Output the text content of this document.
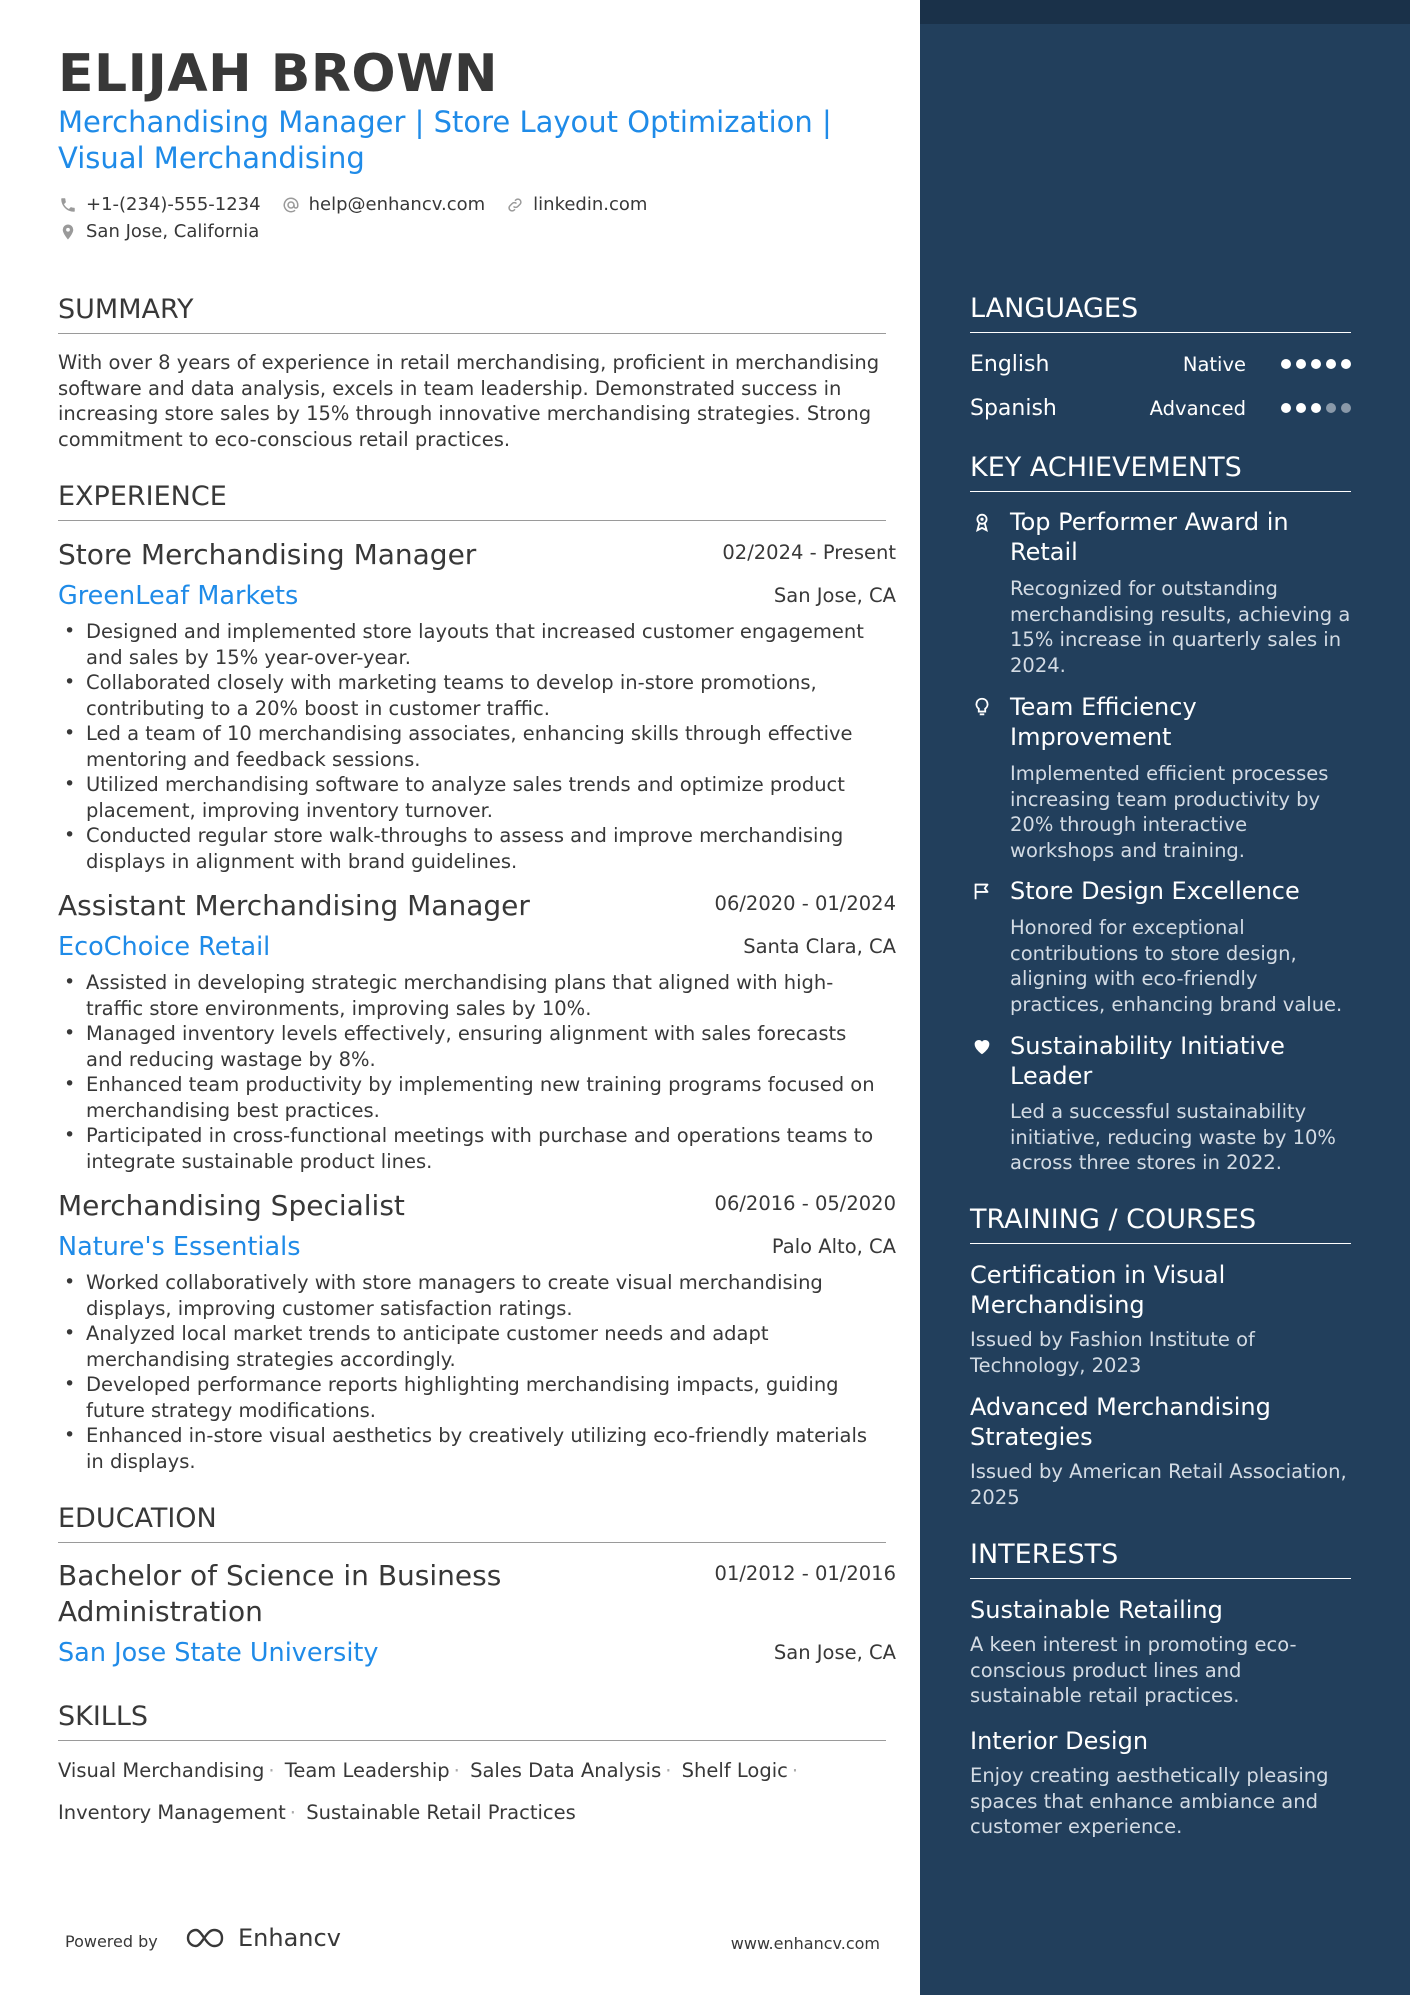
ELIJAH BROWN
Merchandising Manager | Store Layout Optimization |
Visual Merchandising
+1-(234)-555-1234	help@enhancv.com	linkedin.com
San Jose, California
SUMMARY
With over 8 years of experience in retail merchandising, proficient in merchandising software and data analysis, excels in team leadership. Demonstrated success in increasing store sales by 15% through innovative merchandising strategies. Strong commitment to eco-conscious retail practices.
EXPERIENCE
Store Merchandising Manager	02/2024 - Present
GreenLeaf Markets	San Jose, CA
• Designed and implemented store layouts that increased customer engagement and sales by 15% year-over-year.
• Collaborated closely with marketing teams to develop in-store promotions, contributing to a 20% boost in customer traffic.
• Led a team of 10 merchandising associates, enhancing skills through effective mentoring and feedback sessions.
• Utilized merchandising software to analyze sales trends and optimize product placement, improving inventory turnover.
• Conducted regular store walk-throughs to assess and improve merchandising displays in alignment with brand guidelines.
Assistant Merchandising Manager	06/2020 - 01/2024
EcoChoice Retail	Santa Clara, CA
• Assisted in developing strategic merchandising plans that aligned with high-traffic store environments, improving sales by 10%.
• Managed inventory levels effectively, ensuring alignment with sales forecasts and reducing wastage by 8%.
• Enhanced team productivity by implementing new training programs focused on merchandising best practices.
• Participated in cross-functional meetings with purchase and operations teams to integrate sustainable product lines.
Merchandising Specialist	06/2016 - 05/2020
Nature's Essentials	Palo Alto, CA
• Worked collaboratively with store managers to create visual merchandising displays, improving customer satisfaction ratings.
• Analyzed local market trends to anticipate customer needs and adapt merchandising strategies accordingly.
• Developed performance reports highlighting merchandising impacts, guiding future strategy modifications.
• Enhanced in-store visual aesthetics by creatively utilizing eco-friendly materials in displays.
EDUCATION
Bachelor of Science in Business Administration
01/2012 - 01/2016
San Jose State University	San Jose, CA
SKILLS
Visual Merchandising · Team Leadership · Sales Data Analysis · Shelf Logic ·
Inventory Management · Sustainable Retail Practices
Powered by	Enhancv	www.enhancv.com
LANGUAGES
English	Native
Spanish	Advanced
KEY ACHIEVEMENTS
Top Performer Award in Retail
Recognized for outstanding merchandising results, achieving a 15% increase in quarterly sales in 2024.
Team Efficiency Improvement
Implemented efficient processes increasing team productivity by 20% through interactive workshops and training.
Store Design Excellence
Honored for exceptional contributions to store design, aligning with eco-friendly practices, enhancing brand value.
Sustainability Initiative Leader
Led a successful sustainability initiative, reducing waste by 10% across three stores in 2022.
TRAINING / COURSES
Certification in Visual Merchandising
Issued by Fashion Institute of Technology, 2023
Advanced Merchandising Strategies
Issued by American Retail Association, 2025
INTERESTS
Sustainable Retailing
A keen interest in promoting eco-conscious product lines and sustainable retail practices.
Interior Design
Enjoy creating aesthetically pleasing spaces that enhance ambiance and customer experience.
